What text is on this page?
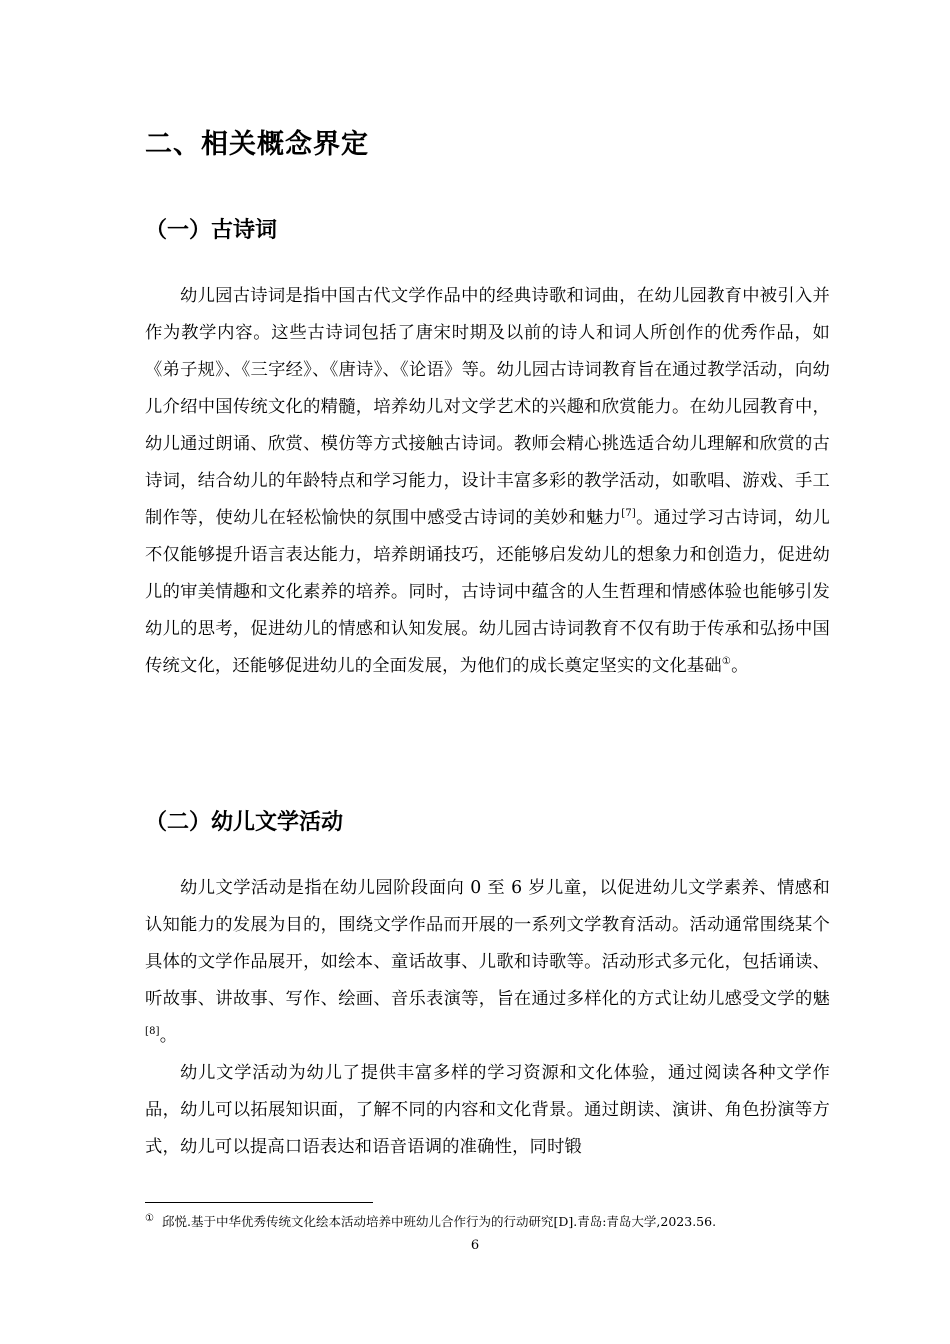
二、相关概念界定
（一）古诗词

幼儿园古诗词是指中国古代文学作品中的经典诗歌和词曲，在幼儿园教育中被引入并作为教学内容。这些古诗词包括了唐宋时期及以前的诗人和词人所创作的优秀作品，如《弟子规》、《三字经》、《唐诗》、《论语》等。幼儿园古诗词教育旨在通过教学活动，向幼儿介绍中国传统文化的精髓，培养幼儿对文学艺术的兴趣和欣赏能力。在幼儿园教育中，幼儿通过朗诵、欣赏、模仿等方式接触古诗词。教师会精心挑选适合幼儿理解和欣赏的古诗词，结合幼儿的年龄特点和学习能力，设计丰富多彩的教学活动，如歌唱、游戏、手工制作等，使幼儿在轻松愉快的氛围中感受古诗词的美妙和魅力[7]。通过学习古诗词，幼儿不仅能够提升语言表达能力，培养朗诵技巧，还能够启发幼儿的想象力和创造力，促进幼儿的审美情趣和文化素养的培养。同时，古诗词中蕴含的人生哲理和情感体验也能够引发幼儿的思考，促进幼儿的情感和认知发展。幼儿园古诗词教育不仅有助于传承和弘扬中国传统文化，还能够促进幼儿的全面发展，为他们的成长奠定坚实的文化基础①。

（二）幼儿文学活动

幼儿文学活动是指在幼儿园阶段面向 0 至 6 岁儿童，以促进幼儿文学素养、情感和认知能力的发展为目的，围绕文学作品而开展的一系列文学教育活动。活动通常围绕某个具体的文学作品展开，如绘本、童话故事、儿歌和诗歌等。活动形式多元化，包括诵读、听故事、讲故事、写作、绘画、音乐表演等，旨在通过多样化的方式让幼儿感受文学的魅[8]。

幼儿文学活动为幼儿了提供丰富多样的学习资源和文化体验，通过阅读各种文学作品，幼儿可以拓展知识面，了解不同的内容和文化背景。通过朗读、演讲、角色扮演等方式，幼儿可以提高口语表达和语音语调的准确性，同时锻

① 邱悦.基于中华优秀传统文化绘本活动培养中班幼儿合作行为的行动研究[D].青岛:青岛大学,2023.56.
6
